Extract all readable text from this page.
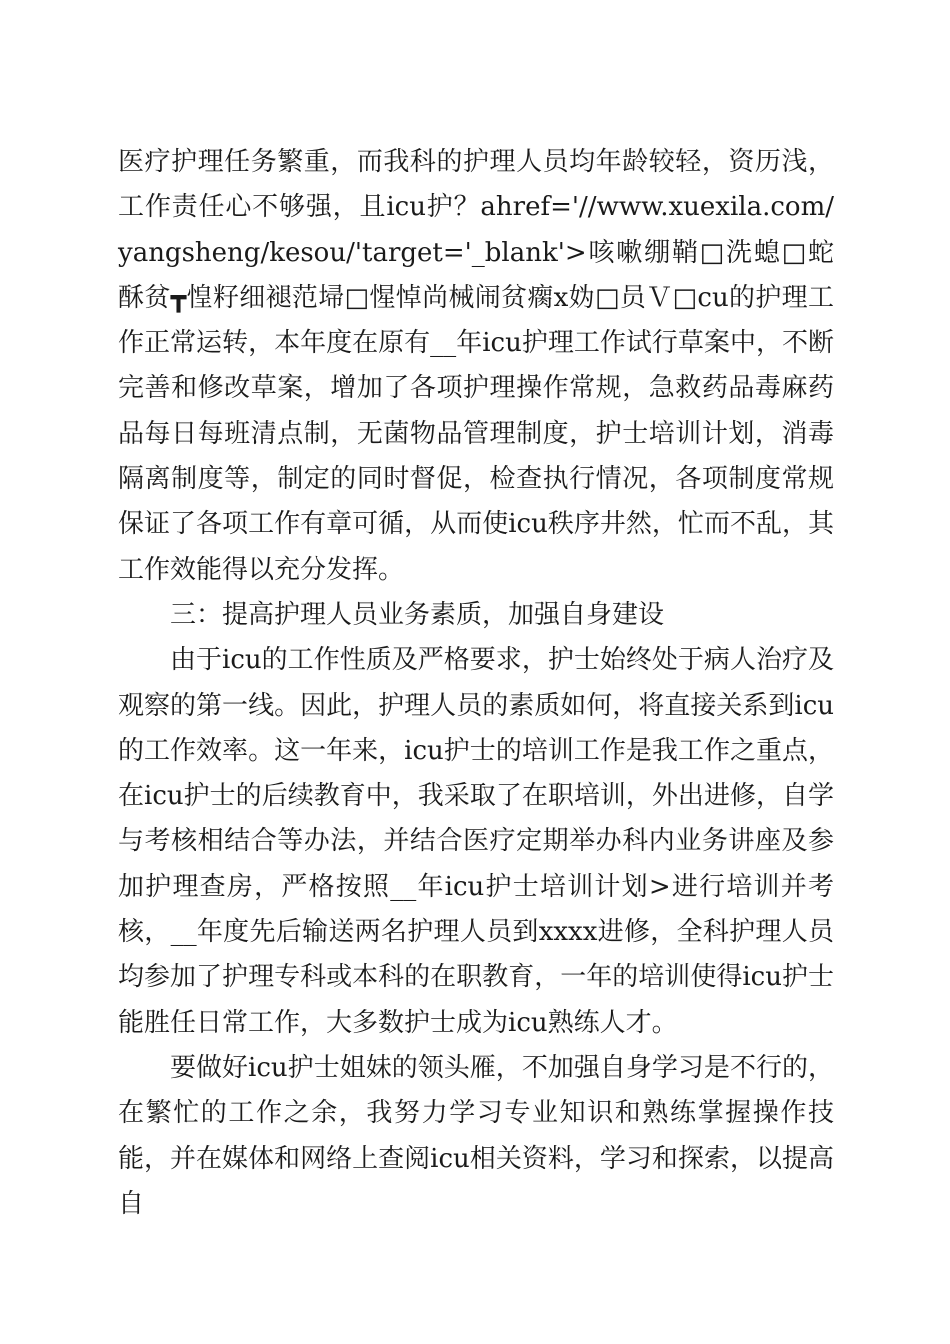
医疗护理任务繁重，而我科的护理人员均年龄较轻，资历浅，工作责任心不够强，且icu护？ahref='//www.xuexila.com/yangsheng/kesou/'target='_blank'>咳嗽绷鞘□洗螅□蛇酥贫┳惶籽细褪范埽□惺悼尚械闹贫瘸x妫□员Ｖ□cu的护理工作正常运转，本年度在原有__年icu护理工作试行草案中，不断完善和修改草案，增加了各项护理操作常规，急救药品毒麻药品每日每班清点制，无菌物品管理制度，护士培训计划，消毒隔离制度等，制定的同时督促，检查执行情况，各项制度常规保证了各项工作有章可循，从而使icu秩序井然，忙而不乱，其工作效能得以充分发挥。

三：提高护理人员业务素质，加强自身建设

由于icu的工作性质及严格要求，护士始终处于病人治疗及观察的第一线。因此，护理人员的素质如何，将直接关系到icu的工作效率。这一年来，icu护士的培训工作是我工作之重点，在icu护士的后续教育中，我采取了在职培训，外出进修，自学与考核相结合等办法，并结合医疗定期举办科内业务讲座及参加护理查房，严格按照__年icu护士培训计划>进行培训并考核，__年度先后输送两名护理人员到xxxx进修，全科护理人员均参加了护理专科或本科的在职教育，一年的培训使得icu护士能胜任日常工作，大多数护士成为icu熟练人才。

要做好icu护士姐妹的领头雁，不加强自身学习是不行的，在繁忙的工作之余，我努力学习专业知识和熟练掌握操作技能，并在媒体和网络上查阅icu相关资料，学习和探索，以提高自
